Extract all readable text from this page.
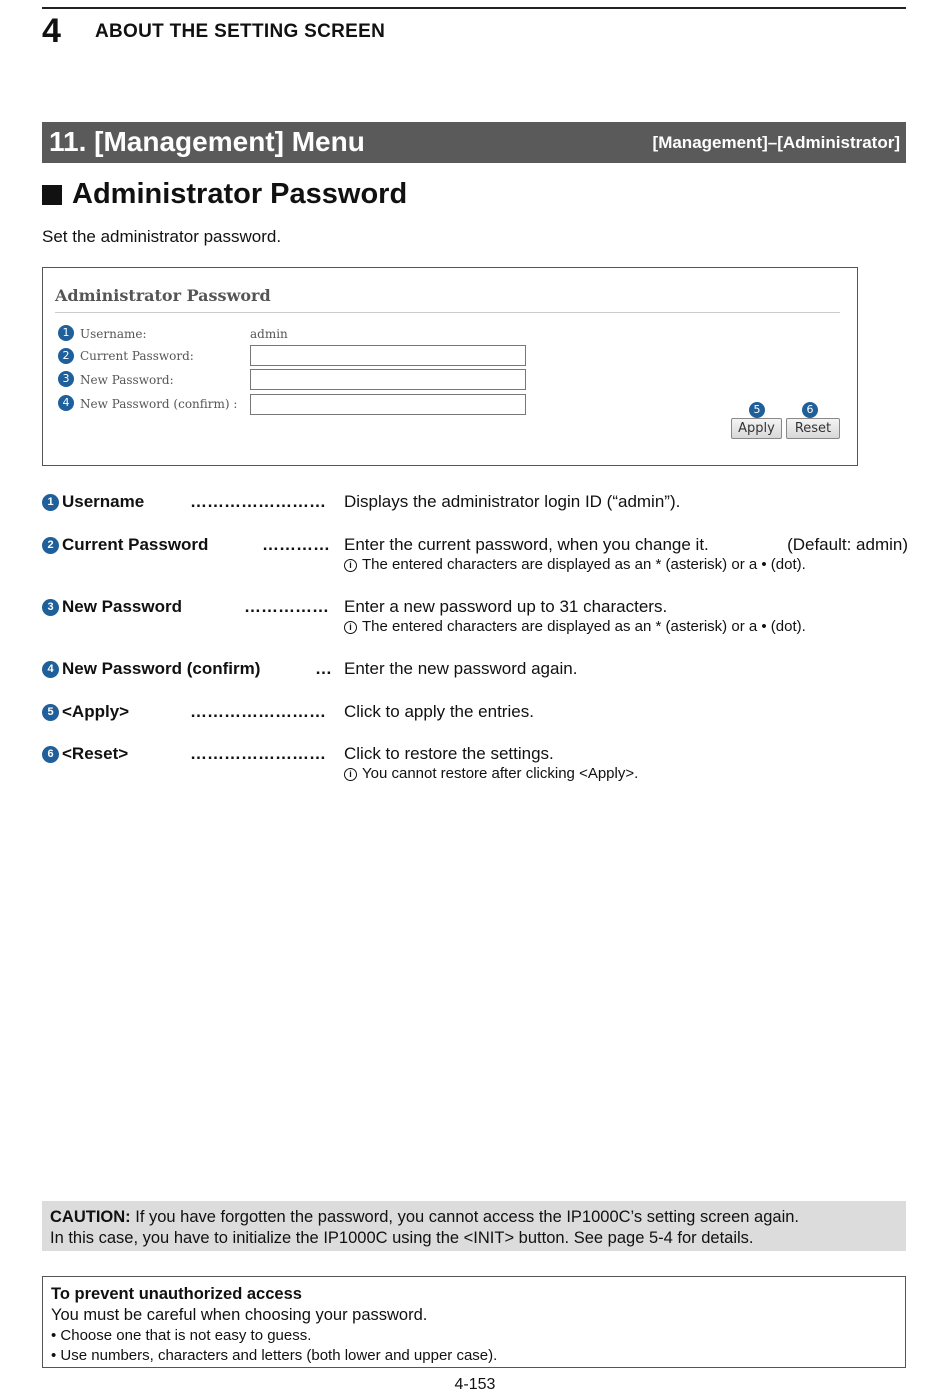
4 ABOUT THE SETTING SCREEN
11. [Management] Menu	[Management]–[Administrator]
Administrator Password
Set the administrator password.
Administrator Password
1 Username:	admin
2 Current Password:
3 New Password:
4 New Password (confirm) :	5	6
Apply	Reset
1 Username	…………………… Displays the administrator login ID (“admin”).
2 Current Password	………… Enter the current password, when you change it.	(Default: admin)
i The entered characters are displayed as an * (asterisk) or a • (dot).
3 New Password	…………… Enter a new password up to 31 characters.
i The entered characters are displayed as an * (asterisk) or a • (dot).
4 New Password (confirm)	… Enter the new password again.
5 <Apply>	…………………… Click to apply the entries.
6 <Reset>	…………………… Click to restore the settings.
i You cannot restore after clicking <Apply>.
CAUTION: If you have forgotten the password, you cannot access the IP1000C’s setting screen again.
In this case, you have to initialize the IP1000C using the <INIT> button. See page 5-4 for details.
To prevent unauthorized access
You must be careful when choosing your password.
• Choose one that is not easy to guess.
• Use numbers, characters and letters (both lower and upper case).
4-153
